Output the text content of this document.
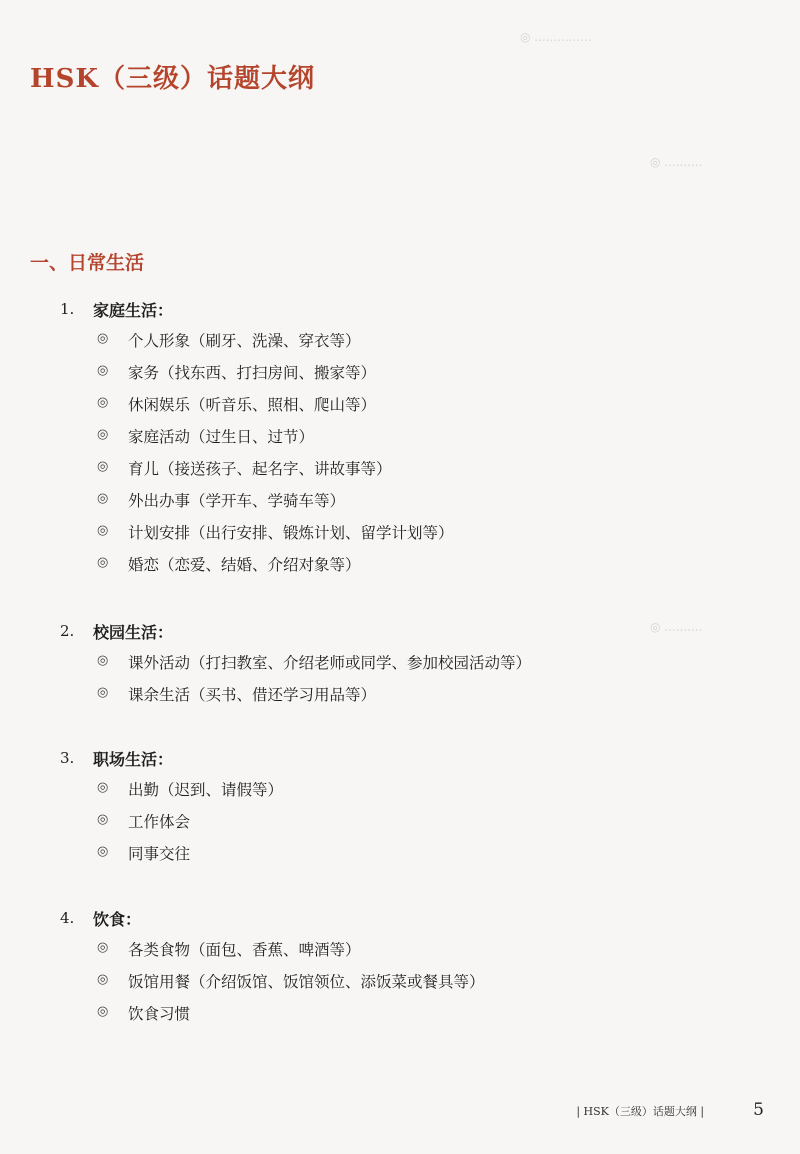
◎ ...............
◎ ..........
◎ ..........
HSK（三级）话题大纲
一、日常生活
1. 家庭生活：
◎ 个人形象（刷牙、洗澡、穿衣等）
◎ 家务（找东西、打扫房间、搬家等）
◎ 休闲娱乐（听音乐、照相、爬山等）
◎ 家庭活动（过生日、过节）
◎ 育儿（接送孩子、起名字、讲故事等）
◎ 外出办事（学开车、学骑车等）
◎ 计划安排（出行安排、锻炼计划、留学计划等）
◎ 婚恋（恋爱、结婚、介绍对象等）
2. 校园生活：
◎ 课外活动（打扫教室、介绍老师或同学、参加校园活动等）
◎ 课余生活（买书、借还学习用品等）
3. 职场生活：
◎ 出勤（迟到、请假等）
◎ 工作体会
◎ 同事交往
4. 饮食：
◎ 各类食物（面包、香蕉、啤酒等）
◎ 饭馆用餐（介绍饭馆、饭馆领位、添饭菜或餐具等）
◎ 饮食习惯
| HSK（三级）话题大纲 |	5
